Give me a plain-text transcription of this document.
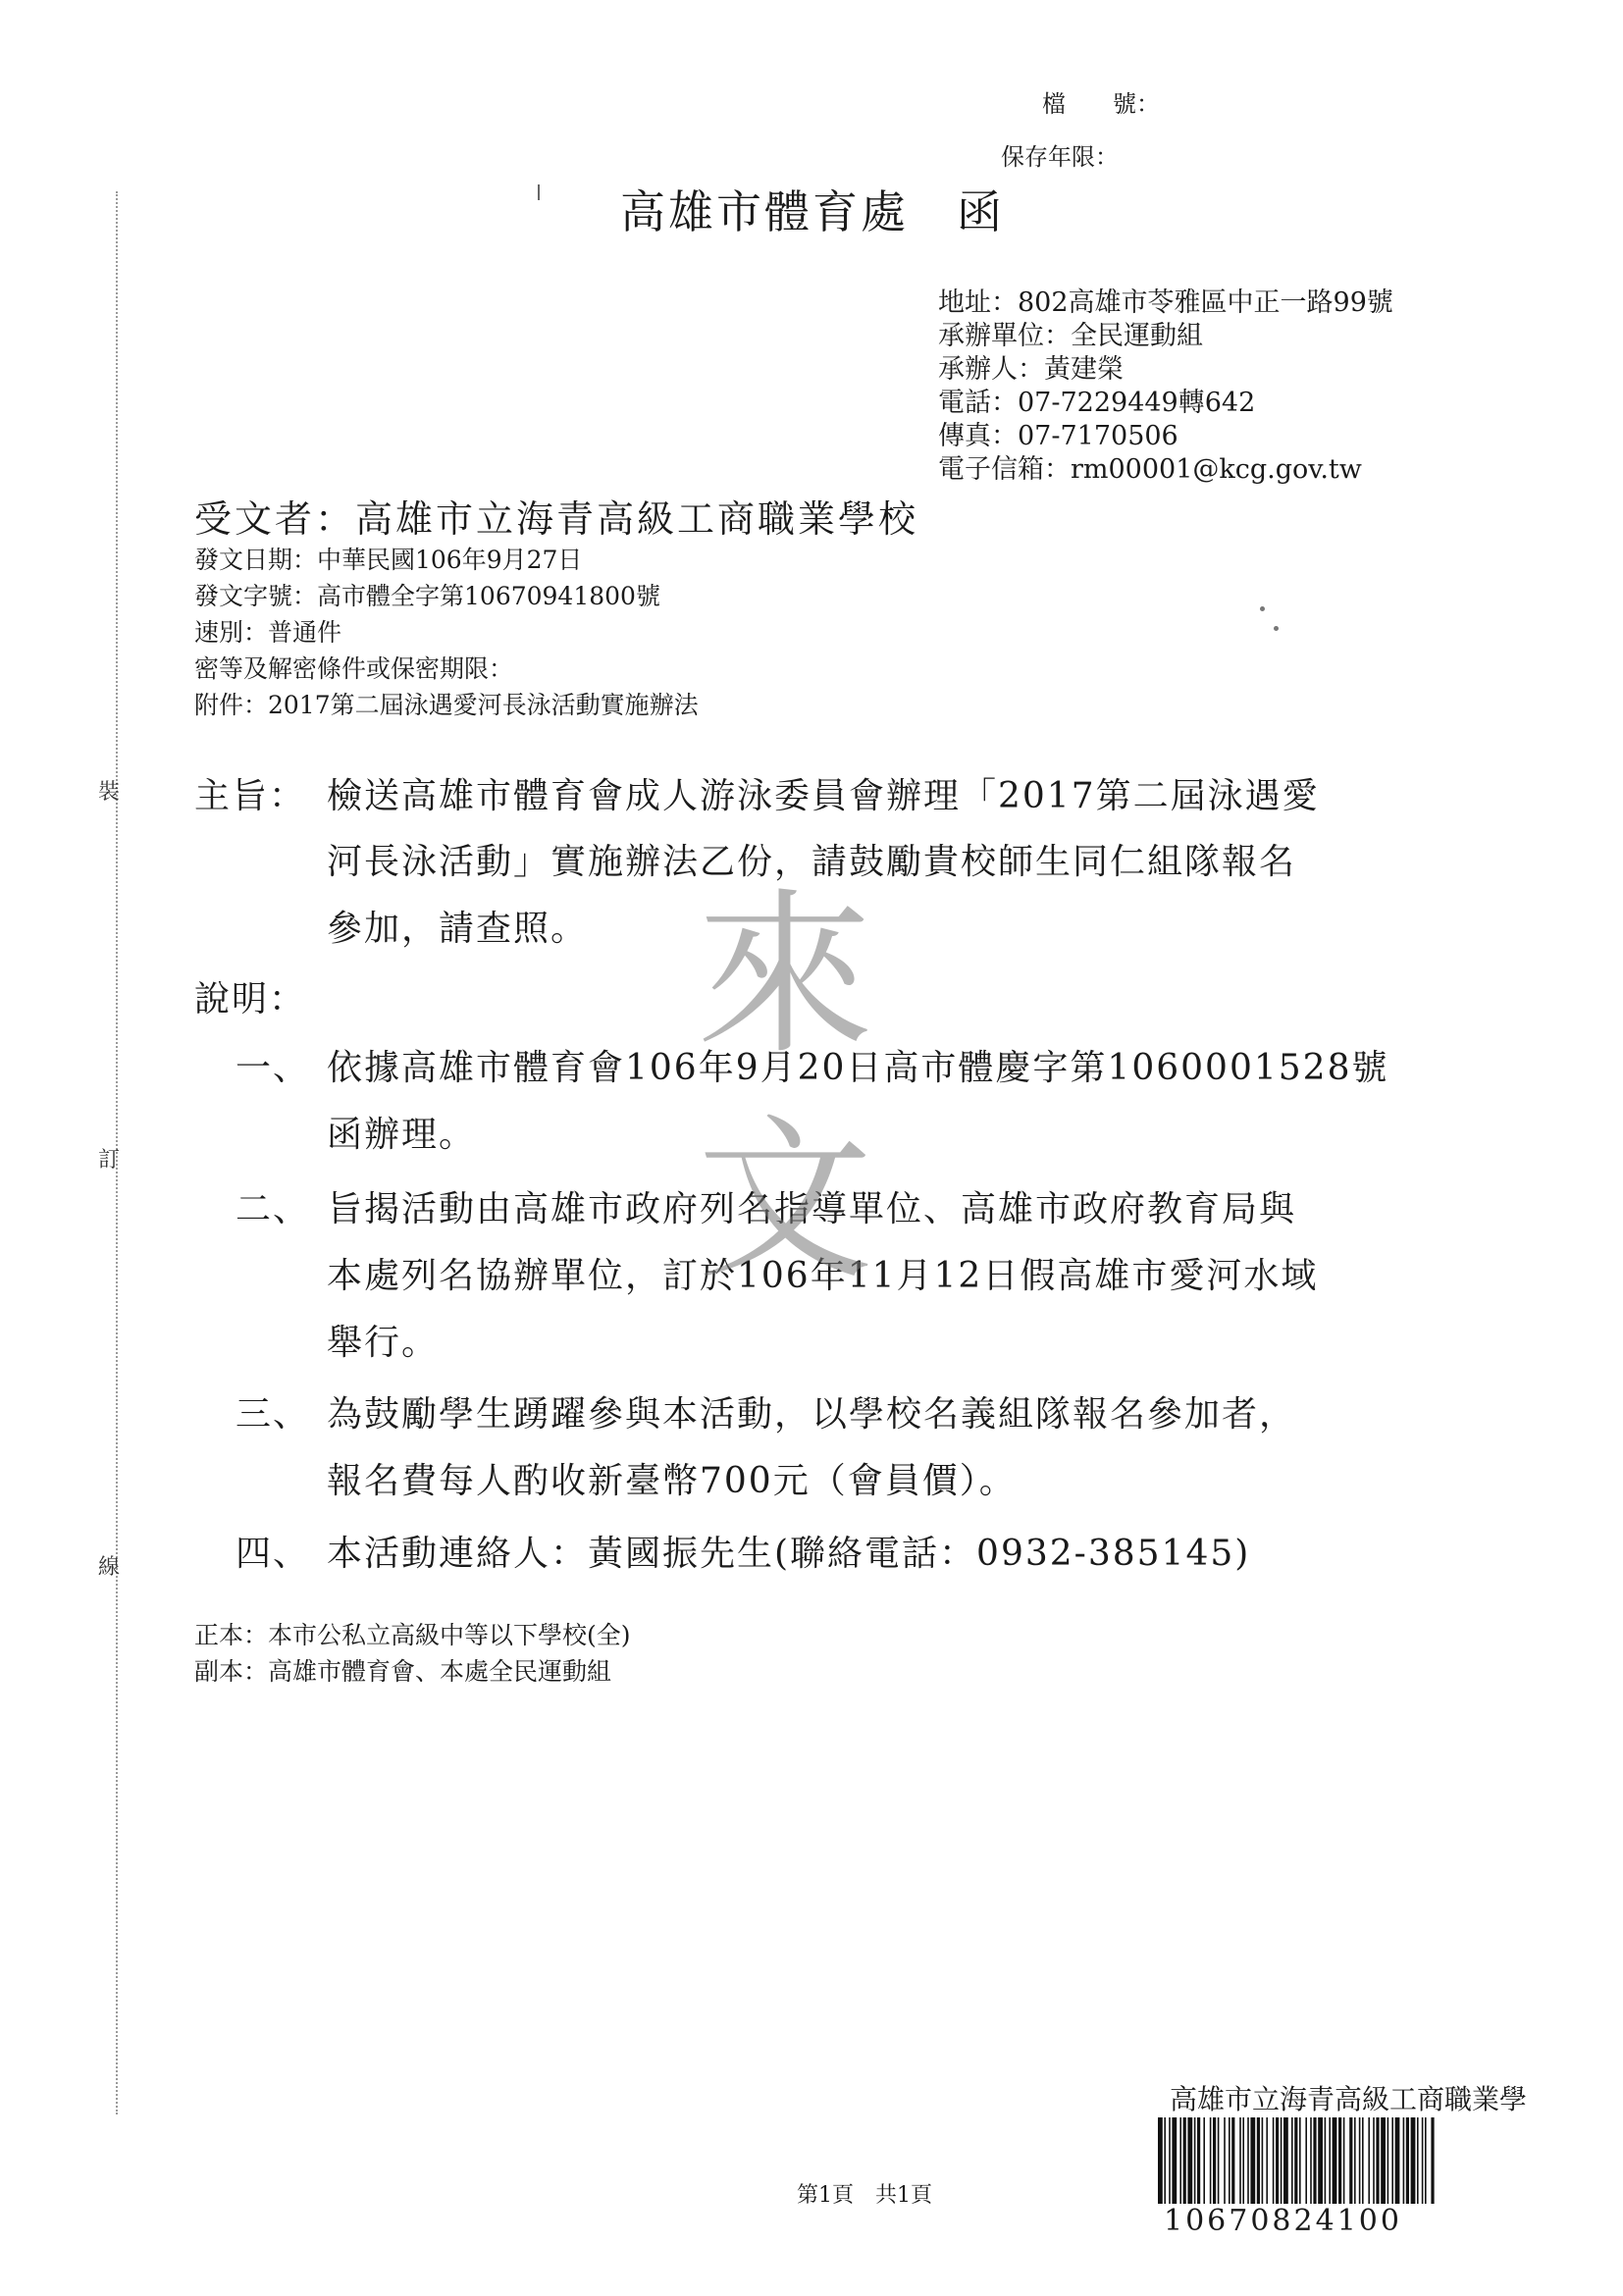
裝
訂
線
檔　　號：
保存年限：
高雄市體育處　函
地址：802高雄市苓雅區中正一路99號
承辦單位：全民運動組
承辦人：黃建榮
電話：07-7229449轉642
傳真：07-7170506
電子信箱：rm00001@kcg.gov.tw
受文者：高雄市立海青高級工商職業學校
發文日期：中華民國106年9月27日
發文字號：高市體全字第10670941800號
速別：普通件
密等及解密條件或保密期限：
附件：2017第二屆泳遇愛河長泳活動實施辦法
主旨： 檢送高雄市體育會成人游泳委員會辦理「2017第二屆泳遇愛
河長泳活動」實施辦法乙份，請鼓勵貴校師生同仁組隊報名
參加，請查照。
說明：
一、 依據高雄市體育會106年9月20日高市體慶字第1060001528號
函辦理。
二、 旨揭活動由高雄市政府列名指導單位、高雄市政府教育局與
本處列名協辦單位，訂於106年11月12日假高雄市愛河水域
舉行。
三、 為鼓勵學生踴躍參與本活動，以學校名義組隊報名參加者，
報名費每人酌收新臺幣700元（會員價）。
四、 本活動連絡人：黃國振先生(聯絡電話：0932-385145)
正本：本市公私立高級中等以下學校(全)
副本：高雄市體育會、本處全民運動組
來
文
第1頁　共1頁
高雄市立海青高級工商職業學
10670824100
